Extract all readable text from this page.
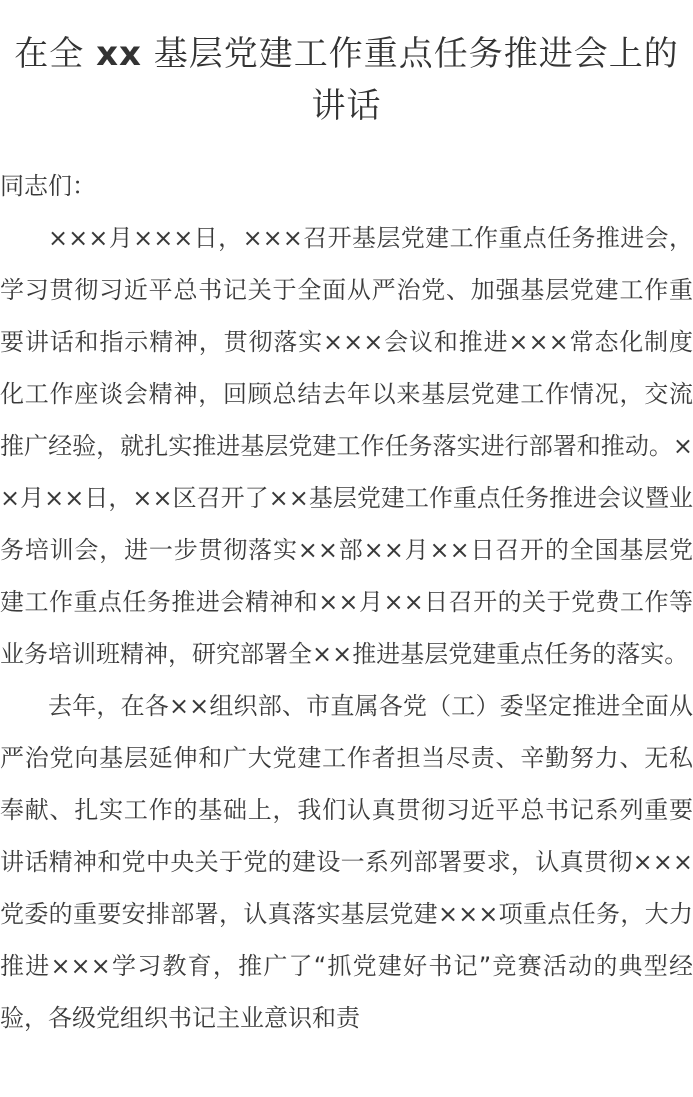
在全 xx 基层党建工作重点任务推进会上的讲话

同志们：

×××月×××日，×××召开基层党建工作重点任务推进会，学习贯彻习近平总书记关于全面从严治党、加强基层党建工作重要讲话和指示精神，贯彻落实×××会议和推进×××常态化制度化工作座谈会精神，回顾总结去年以来基层党建工作情况，交流推广经验，就扎实推进基层党建工作任务落实进行部署和推动。××月××日，××区召开了××基层党建工作重点任务推进会议暨业务培训会，进一步贯彻落实××部××月××日召开的全国基层党建工作重点任务推进会精神和××月××日召开的关于党费工作等业务培训班精神，研究部署全××推进基层党建重点任务的落实。

去年，在各××组织部、市直属各党（工）委坚定推进全面从严治党向基层延伸和广大党建工作者担当尽责、辛勤努力、无私奉献、扎实工作的基础上，我们认真贯彻习近平总书记系列重要讲话精神和党中央关于党的建设一系列部署要求，认真贯彻×××党委的重要安排部署，认真落实基层党建×××项重点任务，大力推进×××学习教育，推广了“抓党建好书记”竞赛活动的典型经验，各级党组织书记主业意识和责
